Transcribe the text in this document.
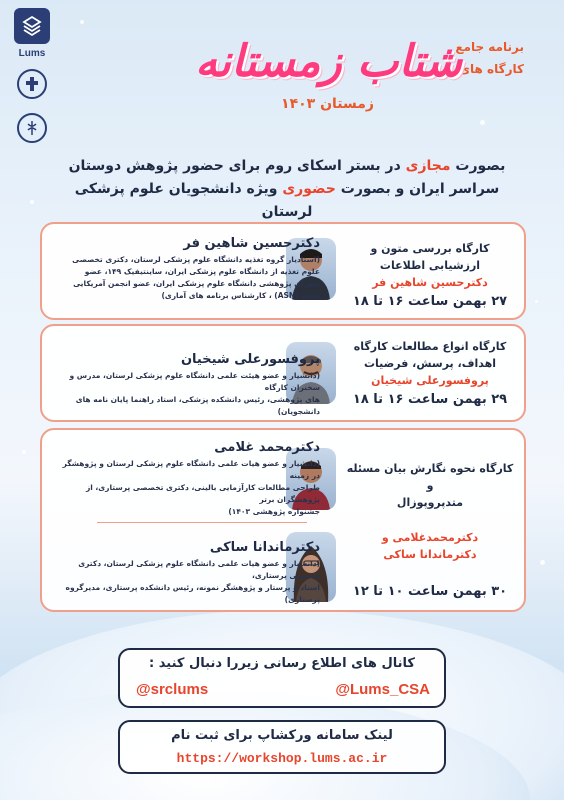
Lums	برنامه جامع
کارگاه های
شتاب زمستانه
زمستان ۱۴۰۳
بصورت مجازی در بستر اسکای روم برای حضور پژوهش دوستان
سراسر ایران و بصورت حضوری ویژه دانشجویان علوم پزشکی لرستان
کارگاه بررسی متون و ارزشیابی اطلاعات
دکترحسین شاهین فر
۲۷ بهمن ساعت ۱۶ تا ۱۸
دکترحسین شاهین فر
(استادیار گروه تغذیه دانشگاه علوم پزشکی لرستان، دکتری تخصصی
علوم تغذیه از دانشگاه علوم پزشکی ایران، ساینتیفیک ۱۴۹، عضو
شورای پژوهشی دانشگاه علوم پزشکی ایران، عضو انجمن آمریکایی
تغذیه (ASN) ، کارشناس برنامه های آماری)
کارگاه انواع مطالعات کارگاه
اهداف، پرسش، فرضیات
پروفسورعلی شیخیان
۲۹ بهمن ساعت ۱۶ تا ۱۸
پروفسورعلی شیخیان
(دانشیار و عضو هیئت علمی دانشگاه علوم پزشکی لرستان، مدرس و سخنران کارگاه
های پژوهشی، رئیس دانشکده پزشکی، استاد راهنما پایان نامه های دانشجویان)
کارگاه نحوه نگارش بیان مسئله و
متدپروپوزال
دکترمحمدغلامی و
دکترماندانا ساکی
۳۰ بهمن ساعت ۱۰ تا ۱۲
دکترمحمد غلامی
(دانشیار و عضو هیات علمی دانشگاه علوم پزشکی لرستان و پژوهشگر در زمینه
طراحی مطالعات کارآزمایی بالینی، دکتری تخصصی پرستاری، از پژوهشگران برتر
جشنواره پژوهشی ۱۴۰۳)
دکترماندانا ساکی
(دانشیار و عضو هیات علمی دانشگاه علوم پزشکی لرستان، دکتری تخصصی پرستاری،
استاد و پرستار و پژوهشگر نمونه، رئیس دانشکده پرستاری، مدیرگروه
پرستاری)
کانال های اطلاع رسانی زیررا دنبال کنید :
@Lums_CSA
@srclums
لینک سامانه ورکشاپ برای ثبت نام
https://workshop.lums.ac.ir
